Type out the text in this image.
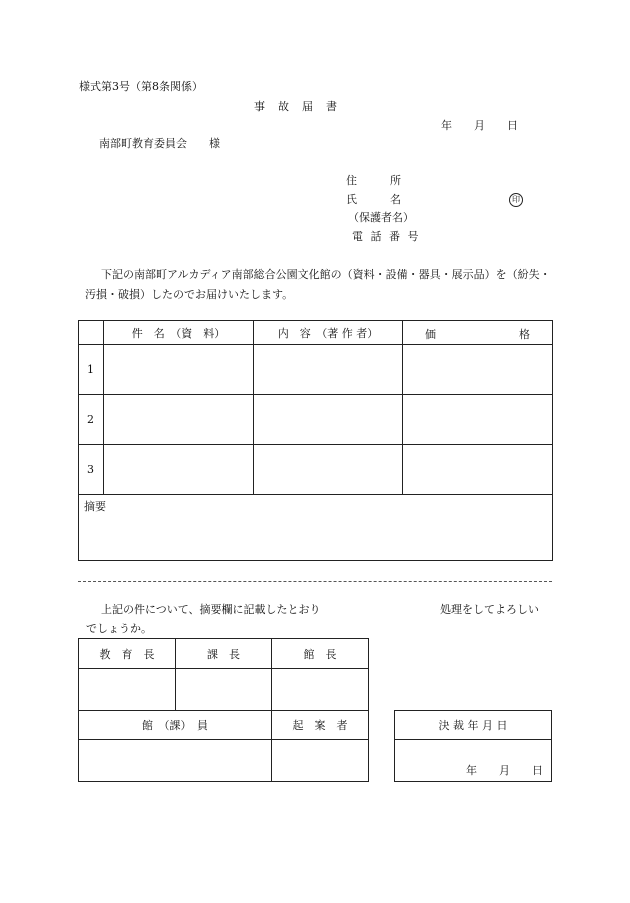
様式第3号（第8条関係）
事　故　届　書
年　　月　　日
南部町教育委員会　　様
住　　　所
氏　　　名	印
（保護者名）
電 話 番 号
下記の南部町アルカディア南部総合公園文化館の（資料・設備・器具・展示品）を（紛失・
汚損・破損）したのでお届けいたします。
	件　名　（資　料）	内　容　（著 作 者）	価 格

1			
2			
3			
摘要			
上記の件について、摘要欄に記載したとおり	処理をしてよろしい
でしょうか。
教　育　長	課　長	館　長

館　（課）　員		起　案　者
		決 裁 年 月 日
年　　月　　日
